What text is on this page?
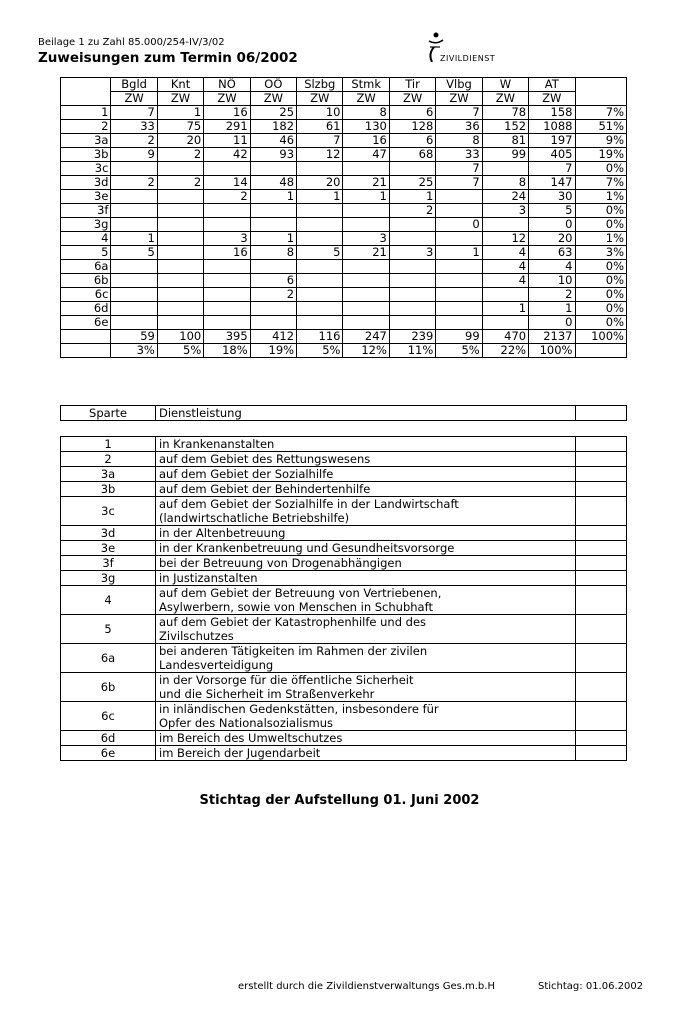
Beilage 1 zu Zahl 85.000/254-IV/3/02
Zuweisungen zum Termin 06/2002	ZIVILDIENST
	Bgld	Knt	NÖ	OÖ	Slzbg	Stmk	Tir	Vlbg	W	AT	
	ZW	ZW	ZW	ZW	ZW	ZW	ZW	ZW	ZW	ZW	
1	7	1	16	25	10	8	6	7	78	158	7%
2	33	75	291	182	61	130	128	36	152	1088	51%
3a	2	20	11	46	7	16	6	8	81	197	9%
3b	9	2	42	93	12	47	68	33	99	405	19%
3c								7		7	0%
3d	2	2	14	48	20	21	25	7	8	147	7%
3e			2	1	1	1	1		24	30	1%
3f							2		3	5	0%
3g								0		0	0%
4	1		3	1		3			12	20	1%
5	5		16	8	5	21	3	1	4	63	3%
6a									4	4	0%
6b				6					4	10	0%
6c				2						2	0%
6d									1	1	0%
6e										0	0%
	59	100	395	412	116	247	239	99	470	2137	100%
	3%	5%	18%	19%	5%	12%	11%	5%	22%	100%	
Sparte	Dienstleistung	
1	in Krankenanstalten	

2	auf dem Gebiet des Rettungswesens	

3a	auf dem Gebiet der Sozialhilfe	

3b	auf dem Gebiet der Behindertenhilfe	

3c	auf dem Gebiet der Sozialhilfe in der Landwirtschaft
(landwirtschatliche Betriebshilfe)	

3d	in der Altenbetreuung	

3e	in der Krankenbetreuung und Gesundheitsvorsorge	

3f	bei der Betreuung von Drogenabhängigen	

3g	in Justizanstalten	

4	auf dem Gebiet der Betreuung von Vertriebenen,
Asylwerbern, sowie von Menschen in Schubhaft	

5	auf dem Gebiet der Katastrophenhilfe und des
Zivilschutzes	

6a	bei anderen Tätigkeiten im Rahmen der zivilen
Landesverteidigung	

6b	in der Vorsorge für die öffentliche Sicherheit
und die Sicherheit im Straßenverkehr	

6c	in inländischen Gedenkstätten, insbesondere für
Opfer des Nationalsozialismus	

6d	im Bereich des Umweltschutzes	

6e	im Bereich der Jugendarbeit	

Stichtag der Aufstellung 01. Juni 2002
erstellt durch die Zivildienstverwaltungs Ges.m.b.H	Stichtag: 01.06.2002
